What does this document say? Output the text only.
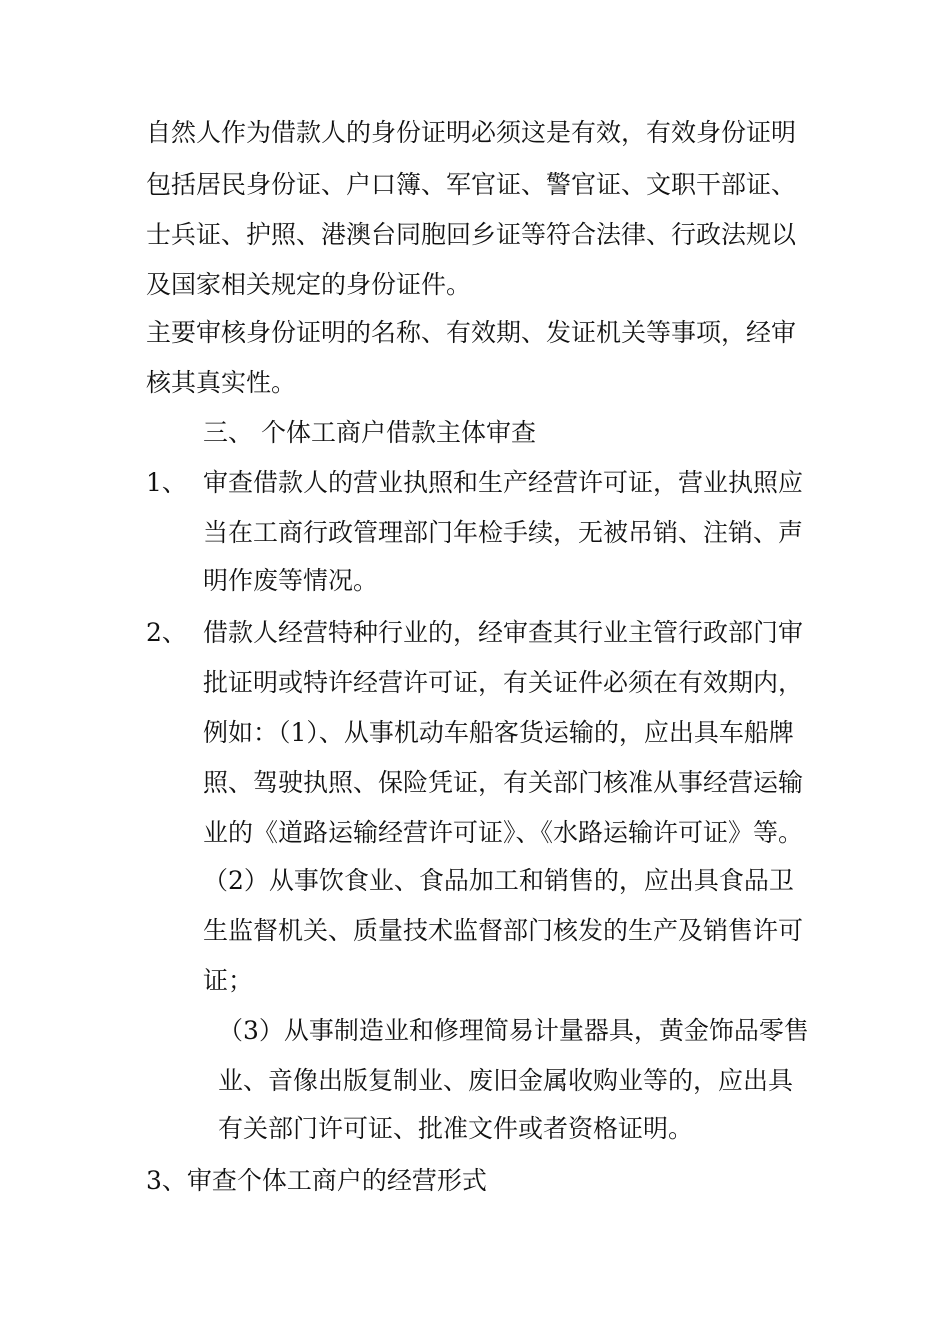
自然人作为借款人的身份证明必须这是有效，有效身份证明
包括居民身份证、户口簿、军官证、警官证、文职干部证、
士兵证、护照、港澳台同胞回乡证等符合法律、行政法规以
及国家相关规定的身份证件。
主要审核身份证明的名称、有效期、发证机关等事项，经审
核其真实性。
三、 个体工商户借款主体审查
1、 审查借款人的营业执照和生产经营许可证，营业执照应
当在工商行政管理部门年检手续，无被吊销、注销、声
明作废等情况。
2、 借款人经营特种行业的，经审查其行业主管行政部门审
批证明或特许经营许可证，有关证件必须在有效期内，
例如：（1）、从事机动车船客货运输的，应出具车船牌
照、驾驶执照、保险凭证，有关部门核准从事经营运输
业的《道路运输经营许可证》、《水路运输许可证》等。
（2）从事饮食业、食品加工和销售的，应出具食品卫
生监督机关、质量技术监督部门核发的生产及销售许可
证；
（3）从事制造业和修理简易计量器具，黄金饰品零售
业、音像出版复制业、废旧金属收购业等的，应出具
有关部门许可证、批准文件或者资格证明。
3、审查个体工商户的经营形式
